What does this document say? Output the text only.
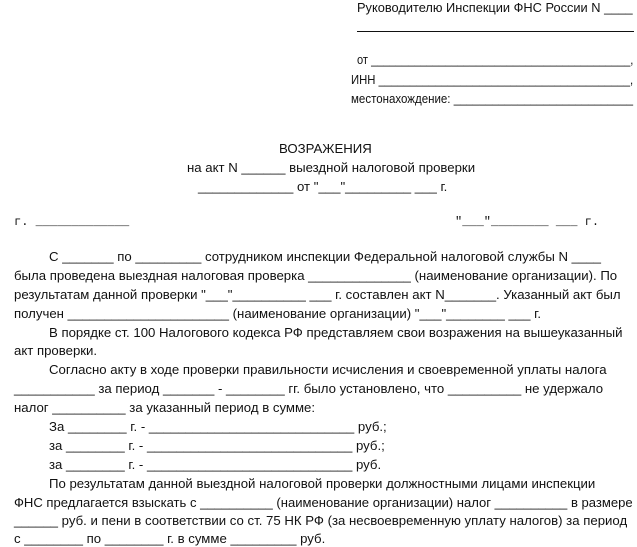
Руководителю Инспекции ФНС России N ____
от __________________________________________,
ИНН ________________________________________,
местонахождение: ____________________________
ВОЗРАЖЕНИЯ
на акт N ______ выездной налоговой проверки
_____________ от "___"_________ ___ г.
г. _____________	"___"________ ___ г.
С _______ по _________ сотрудником инспекции Федеральной налоговой службы N ____
была проведена выездная налоговая проверка ______________ (наименование организации). По
результатам данной проверки "___"__________ ___ г. составлен акт N_______. Указанный акт был
получен ______________________ (наименование организации) "___"________ ___ г.
В порядке ст. 100 Налогового кодекса РФ представляем свои возражения на вышеуказанный
акт проверки.
Согласно акту в ходе проверки правильности исчисления и своевременной уплаты налога
___________ за период _______ - ________ гг. было установлено, что __________ не удержало
налог __________ за указанный период в сумме:
За ________ г. - ____________________________ руб.;
за ________ г. - ____________________________ руб.;
за ________ г. - ____________________________ руб.
По результатам данной выездной налоговой проверки должностными лицами инспекции
ФНС предлагается взыскать с __________ (наименование организации) налог __________ в размере
______ руб. и пени в соответствии со ст. 75 НК РФ (за несвоевременную уплату налогов) за период
с ________ по ________ г. в сумме _________ руб.
